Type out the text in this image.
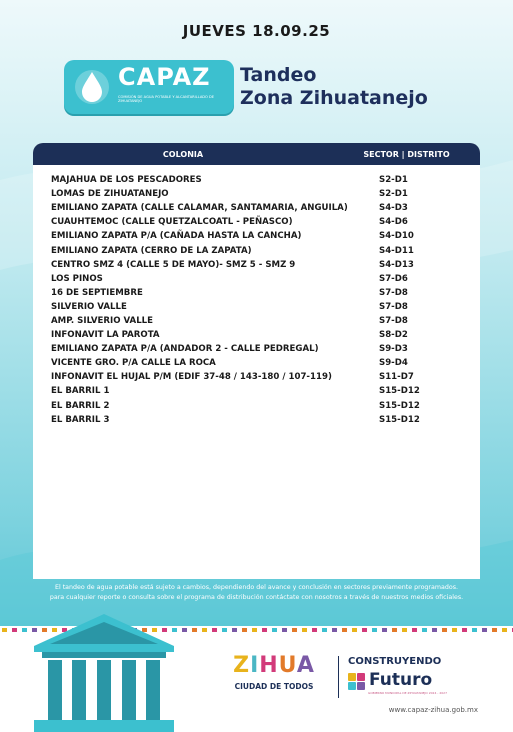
JUEVES 18.09.25
CAPAZ
COMISIÓN DE AGUA POTABLE Y ALCANTARILLADO DE ZIHUATANEJO
Tandeo
Zona Zihuatanejo
COLONIA	SECTOR | DISTRITO
MAJAHUA DE LOS PESCADORES	S2-D1
LOMAS DE ZIHUATANEJO	S2-D1
EMILIANO ZAPATA (CALLE CALAMAR, SANTAMARIA, ANGUILA)	S4-D3
CUAUHTEMOC (CALLE QUETZALCOATL - PEÑASCO)	S4-D6
EMILIANO ZAPATA P/A (CAÑADA HASTA LA CANCHA)	S4-D10
EMILIANO ZAPATA (CERRO DE LA ZAPATA)	S4-D11
CENTRO SMZ 4 (CALLE 5 DE MAYO)- SMZ 5 - SMZ 9	S4-D13
LOS PINOS	S7-D6
16 DE SEPTIEMBRE	S7-D8
SILVERIO VALLE	S7-D8
AMP. SILVERIO VALLE	S7-D8
INFONAVIT LA PAROTA	S8-D2
EMILIANO ZAPATA P/A (ANDADOR 2 - CALLE PEDREGAL)	S9-D3
VICENTE GRO. P/A CALLE LA ROCA	S9-D4
INFONAVIT EL HUJAL P/M (EDIF 37-48 / 143-180 / 107-119)	S11-D7
EL BARRIL 1	S15-D12
EL BARRIL 2	S15-D12
EL BARRIL 3	S15-D12
El tandeo de agua potable está sujeto a cambios, dependiendo del avance y conclusión en sectores previamente programados. para cualquier reporte o consulta sobre el programa de distribución contáctate con nosotros a través de nuestros medios oficiales.
ZIHUA
CIUDAD DE TODOS
CONSTRUYENDO
Futuro
GOBIERNO MUNICIPAL DE ZIHUATANEJO 2024 - 2027
www.capaz-zihua.gob.mx
